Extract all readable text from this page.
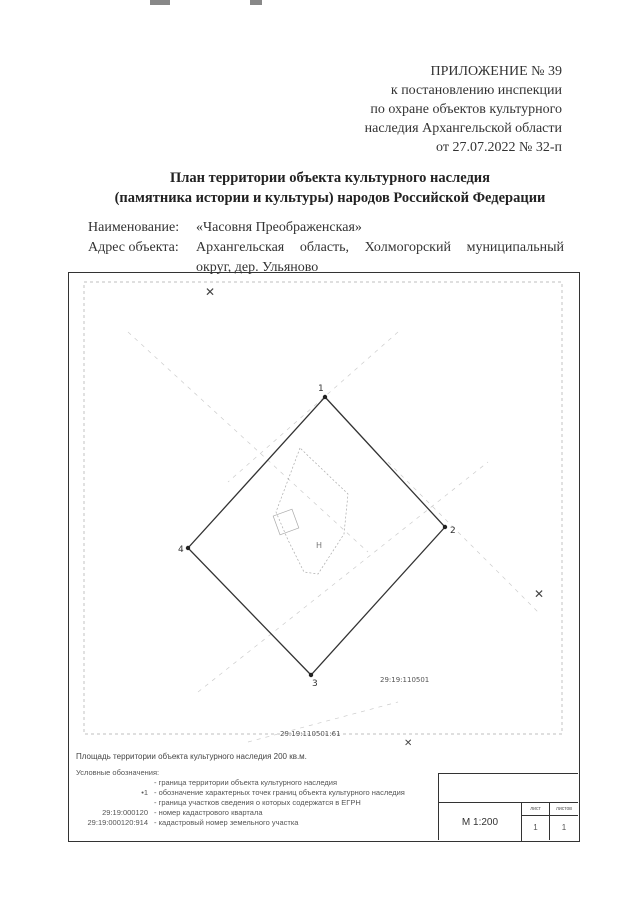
ПРИЛОЖЕНИЕ № 39
к постановлению инспекции
по охране объектов культурного
наследия Архангельской области
от 27.07.2022 № 32-п
План территории объекта культурного наследия
(памятника истории и культуры) народов Российской Федерации
Наименование:	«Часовня Преображенская»
Адрес объекта:	Архангельская область, Холмогорский муниципальный округ, дер. Ульяново
✕
✕
✕
1
2
3
4	Н
29:19:110501
29:19:110501:61
Площадь территории объекта культурного наследия 200 кв.м.
Условные обозначения:
- граница территории объекта культурного наследия
•1 - обозначение характерных точек границ объекта культурного наследия
- граница участков сведения о которых содержатся в ЕГРН
29:19:000120 - номер кадастрового квартала
29:19:000120:914 - кадастровый номер земельного участка	М 1:200
лист	листов
1	1
